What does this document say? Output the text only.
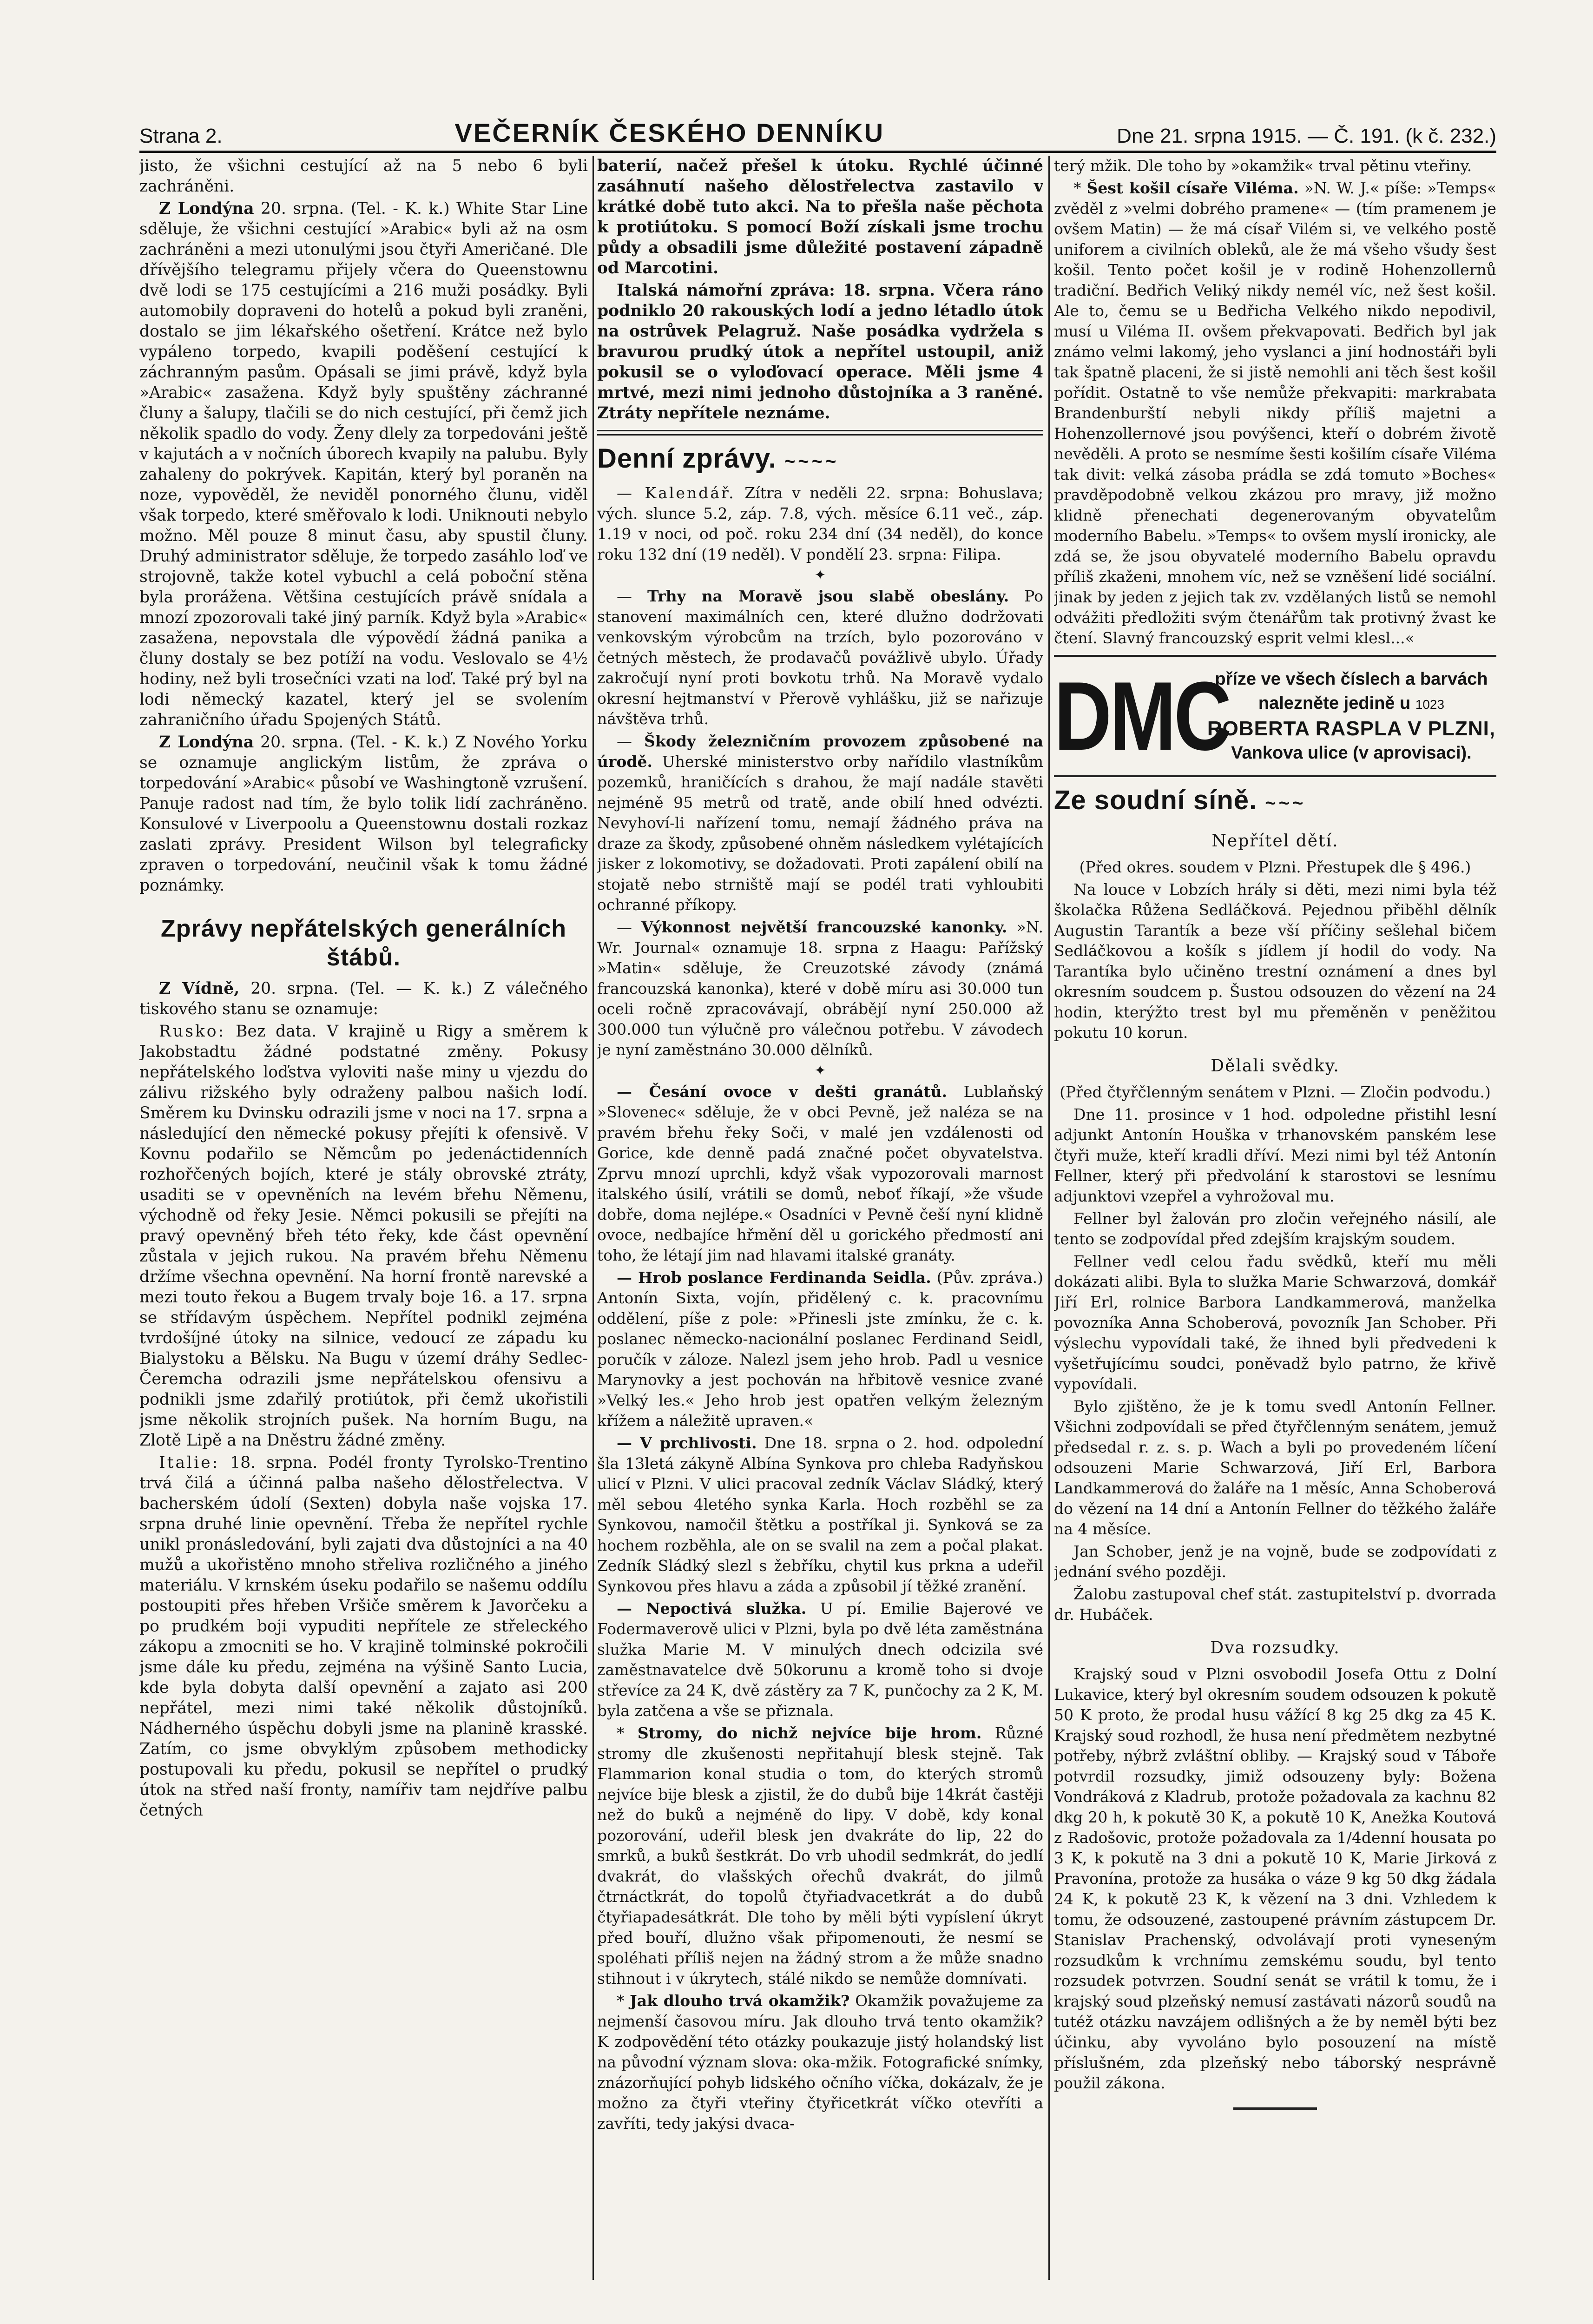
Strana 2.	VEČERNÍK ČESKÉHO DENNÍKU	Dne 21. srpna 1915. — Č. 191. (k č. 232.)

jisto, že všichni cestující až na 5 nebo 6 byli zachráněni.

Z Londýna 20. srpna. (Tel. - K. k.) White Star Line sděluje, že všichni cestující »Arabic« byli až na osm zachráněni a mezi utonulými jsou čtyři Američané. Dle dřívějšího telegramu přijely včera do Queenstownu dvě lodi se 175 cestujícími a 216 muži posádky. Byli automobily dopraveni do hotelů a pokud byli zraněni, dostalo se jim lékařského ošetření. Krátce než bylo vypáleno torpedo, kvapili poděšení cestující k záchranným pasům. Opásali se jimi právě, když byla »Arabic« zasažena. Když byly spuštěny záchranné čluny a šalupy, tlačili se do nich cestující, při čemž jich několik spadlo do vody. Ženy dlely za torpedováni ještě v kajutách a v nočních úborech kvapily na palubu. Byly zahaleny do pokrývek. Kapitán, který byl poraněn na noze, vypověděl, že neviděl ponorného člunu, viděl však torpedo, které směřovalo k lodi. Uniknouti nebylo možno. Měl pouze 8 minut času, aby spustil čluny. Druhý administrator sděluje, že torpedo zasáhlo loď ve strojovně, takže kotel vybuchl a celá poboční stěna byla prorážena. Většina cestujících právě snídala a mnozí zpozorovali také jiný parník. Když byla »Arabic« zasažena, nepovstala dle výpovědí žádná panika a čluny dostaly se bez potíží na vodu. Veslovalo se 4½ hodiny, než byli trosečníci vzati na loď. Také prý byl na lodi německý kazatel, který jel se svolením zahraničního úřadu Spojených Států.

Z Londýna 20. srpna. (Tel. - K. k.) Z Nového Yorku se oznamuje anglickým listům, že zpráva o torpedování »Arabic« působí ve Washingtoně vzrušení. Panuje radost nad tím, že bylo tolik lidí zachráněno. Konsulové v Liverpoolu a Queenstownu dostali rozkaz zaslati zprávy. President Wilson byl telegraficky zpraven o torpedování, neučinil však k tomu žádné poznámky.

Zprávy nepřátelských generálních štábů.

Z Vídně, 20. srpna. (Tel. — K. k.) Z válečného tiskového stanu se oznamuje:

Rusko: Bez data. V krajině u Rigy a směrem k Jakobstadtu žádné podstatné změny. Pokusy nepřátelského loďstva vyloviti naše miny u vjezdu do zálivu rižského byly odraženy palbou našich lodí. Směrem ku Dvinsku odrazili jsme v noci na 17. srpna a následující den německé pokusy přejíti k ofensivě. V Kovnu podařilo se Němcům po jedenáctidenních rozhořčených bojích, které je stály obrovské ztráty, usaditi se v opevněních na levém břehu Němenu, východně od řeky Jesie. Němci pokusili se přejíti na pravý opevněný břeh této řeky, kde část opevnění zůstala v jejich rukou. Na pravém břehu Němenu držíme všechna opevnění. Na horní frontě narevské a mezi touto řekou a Bugem trvaly boje 16. a 17. srpna se střídavým úspěchem. Nepřítel podnikl zejména tvrdošíjné útoky na silnice, vedoucí ze západu ku Bialystoku a Bělsku. Na Bugu v území dráhy Sedlec-Čeremcha odrazili jsme nepřátelskou ofensivu a podnikli jsme zdařilý protiútok, při čemž ukořistili jsme několik strojních pušek. Na horním Bugu, na Zlotě Lipě a na Dněstru žádné změny.

Italie: 18. srpna. Podél fronty Tyrolsko-Trentino trvá čilá a účinná palba našeho dělostřelectva. V bacherském údolí (Sexten) dobyla naše vojska 17. srpna druhé linie opevnění. Třeba že nepřítel rychle unikl pronásledování, byli zajati dva důstojníci a na 40 mužů a ukořistěno mnoho střeliva rozličného a jiného materiálu. V krnském úseku podařilo se našemu oddílu postoupiti přes hřeben Vršiče směrem k Javorčeku a po prudkém boji vypuditi nepřítele ze střeleckého zákopu a zmocniti se ho. V krajině tolminské pokročili jsme dále ku předu, zejména na výšině Santo Lucia, kde byla dobyta další opevnění a zajato asi 200 nepřátel, mezi nimi také několik důstojníků. Nádherného úspěchu dobyli jsme na planině krasské. Zatím, co jsme obvyklým způsobem methodicky postupovali ku předu, pokusil se nepřítel o prudký útok na střed naší fronty, namířiv tam nejdříve palbu četných

baterií, načež přešel k útoku. Rychlé účinné zasáhnutí našeho dělostřelectva zastavilo v krátké době tuto akci. Na to přešla naše pěchota k protiútoku. S pomocí Boží získali jsme trochu půdy a obsadili jsme důležité postavení západně od Marcotini.

Italská námořní zpráva: 18. srpna. Včera ráno podniklo 20 rakouských lodí a jedno létadlo útok na ostrůvek Pelagruž. Naše posádka vydržela s bravurou prudký útok a nepřítel ustoupil, aniž pokusil se o vyloďovací operace. Měli jsme 4 mrtvé, mezi nimi jednoho důstojníka a 3 raněné. Ztráty nepřítele neznáme.

Denní zprávy. ~~~~

— Kalendář. Zítra v neděli 22. srpna: Bohuslava; vých. slunce 5.2, záp. 7.8, vých. měsíce 6.11 več., záp. 1.19 v noci, od poč. roku 234 dní (34 neděl), do konce roku 132 dní (19 neděl). V pondělí 23. srpna: Filipa.

✦

— Trhy na Moravě jsou slabě obeslány. Po stanovení maximálních cen, které dlužno dodržovati venkovským výrobcům na trzích, bylo pozorováno v četných městech, že prodavačů povážlivě ubylo. Úřady zakročují nyní proti bovkotu trhů. Na Moravě vydalo okresní hejtmanství v Přerově vyhlášku, již se nařizuje návštěva trhů.

— Škody železničním provozem způsobené na úrodě. Uherské ministerstvo orby nařídilo vlastníkům pozemků, hraničících s drahou, že mají nadále stavěti nejméně 95 metrů od tratě, ande obilí hned odvézti. Nevyhoví-li nařízení tomu, nemají žádného práva na draze za škody, způsobené ohněm následkem vylétajících jisker z lokomotivy, se dožadovati. Proti zapálení obilí na stojatě nebo strniště mají se podél trati vyhloubiti ochranné příkopy.

— Výkonnost největší francouzské kanonky. »N. Wr. Journal« oznamuje 18. srpna z Haagu: Pařížský »Matin« sděluje, že Creuzotské závody (známá francouzská kanonka), které v době míru asi 30.000 tun oceli ročně zpracovávají, obrábějí nyní 250.000 až 300.000 tun výlučně pro válečnou potřebu. V závodech je nyní zaměstnáno 30.000 dělníků.

✦

— Česání ovoce v dešti granátů. Lublaňský »Slovenec« sděluje, že v obci Pevně, jež naléza se na pravém břehu řeky Soči, v malé jen vzdálenosti od Gorice, kde denně padá značné počet obyvatelstva. Zprvu mnozí uprchli, když však vypozorovali marnost italského úsilí, vrátili se domů, neboť říkají, »že všude dobře, doma nejlépe.« Osadníci v Pevně češí nyní klidně ovoce, nedbajíce hřmění děl u gorického předmostí ani toho, že létají jim nad hlavami italské granáty.

— Hrob poslance Ferdinanda Seidla. (Pův. zpráva.) Antonín Sixta, vojín, přidělený c. k. pracovnímu oddělení, píše z pole: »Přinesli jste zmínku, že c. k. poslanec německo-nacionální poslanec Ferdinand Seidl, poručík v záloze. Nalezl jsem jeho hrob. Padl u vesnice Marynovky a jest pochován na hřbitově vesnice zvané »Velký les.« Jeho hrob jest opatřen velkým železným křížem a náležitě upraven.«

— V prchlivosti. Dne 18. srpna o 2. hod. odpolední šla 13letá zákyně Albína Synkova pro chleba Radyňskou ulicí v Plzni. V ulici pracoval zedník Václav Sládký, který měl sebou 4letého synka Karla. Hoch rozběhl se za Synkovou, namočil štětku a postříkal ji. Synková se za hochem rozběhla, ale on se svalil na zem a počal plakat. Zedník Sládký slezl s žebříku, chytil kus prkna a udeřil Synkovou přes hlavu a záda a způsobil jí těžké zranění.

— Nepoctivá služka. U pí. Emilie Bajerové ve Fodermaverově ulici v Plzni, byla po dvě léta zaměstnána služka Marie M. V minulých dnech odcizila své zaměstnavatelce dvě 50korunu a kromě toho si dvoje střevíce za 24 K, dvě zástěry za 7 K, punčochy za 2 K, M. byla zatčena a vše se přiznala.

* Stromy, do nichž nejvíce bije hrom. Různé stromy dle zkušenosti nepřitahují blesk stejně. Tak Flammarion konal studia o tom, do kterých stromů nejvíce bije blesk a zjistil, že do dubů bije 14krát častěji než do buků a nejméně do lipy. V době, kdy konal pozorování, udeřil blesk jen dvakráte do lip, 22 do smrků, a buků šestkrát. Do vrb uhodil sedmkrát, do jedlí dvakrát, do vlašských ořechů dvakrát, do jilmů čtrnáctkrát, do topolů čtyřiadvacetkrát a do dubů čtyřiapadesátkrát. Dle toho by měli býti vypíslení úkryt před bouří, dlužno však připomenouti, že nesmí se spoléhati příliš nejen na žádný strom a že může snadno stihnout i v úkrytech, stálé nikdo se nemůže domnívati.

* Jak dlouho trvá okamžik? Okamžik považujeme za nejmenší časovou míru. Jak dlouho trvá tento okamžik? K zodpovědění této otázky poukazuje jistý holandský list na původní význam slova: oka-mžik. Fotografické snímky, znázorňující pohyb lidského očního víčka, dokázalv, že je možno za čtyři vteřiny čtyřicetkrát víčko otevříti a zavříti, tedy jakýsi dvaca-

terý mžik. Dle toho by »okamžik« trval pětinu vteřiny.

* Šest košil císaře Viléma. »N. W. J.« píše: »Temps« zvěděl z »velmi dobrého pramene« — (tím pramenem je ovšem Matin) — že má císař Vilém si, ve velkého postě uniforem a civilních obleků, ale že má všeho všudy šest košil. Tento počet košil je v rodině Hohenzollernů tradiční. Bedřich Veliký nikdy nemél víc, než šest košil. Ale to, čemu se u Bedřicha Velkého nikdo nepodivil, musí u Viléma II. ovšem překvapovati. Bedřich byl jak známo velmi lakomý, jeho vyslanci a jiní hodnostáři byli tak špatně placeni, že si jistě nemohli ani těch šest košil pořídit. Ostatně to vše nemůže překvapiti: markrabata Brandenburští nebyli nikdy příliš majetni a Hohenzollernové jsou povýšenci, kteří o dobrém životě nevěděli. A proto se nesmíme šesti košilím císaře Viléma tak divit: velká zásoba prádla se zdá tomuto »Boches« pravděpodobně velkou zkázou pro mravy, již možno klidně přenechati degenerovaným obyvatelům moderního Babelu. »Temps« to ovšem myslí ironicky, ale zdá se, že jsou obyvatelé moderního Babelu opravdu příliš zkaženi, mnohem víc, než se vzněšení lidé sociální. jinak by jeden z jejich tak zv. vzdělaných listů se nemohl odvážiti předložiti svým čtenářům tak protivný žvast ke čtení. Slavný francouzský esprit velmi klesl...«

DMC
příze ve všech číslech a barvách
nalezněte jedině u 1023
ROBERTA RASPLA V PLZNI,
Vankova ulice (v aprovisaci).
Ze soudní síně. ~~~
Nepřítel dětí.

(Před okres. soudem v Plzni. Přestupek dle § 496.)

Na louce v Lobzích hrály si děti, mezi nimi byla též školačka Růžena Sedláčková. Pejednou přiběhl dělník Augustin Tarantík a beze vší příčiny sešlehal bičem Sedláčkovou a košík s jídlem jí hodil do vody. Na Tarantíka bylo učiněno trestní oznámení a dnes byl okresním soudcem p. Šustou odsouzen do vězení na 24 hodin, kterýžto trest byl mu přeměněn v peněžitou pokutu 10 korun.

Dělali svědky.

(Před čtyřčlenným senátem v Plzni. — Zločin podvodu.)

Dne 11. prosince v 1 hod. odpoledne přistihl lesní adjunkt Antonín Houška v trhanovském panském lese čtyři muže, kteří kradli dříví. Mezi nimi byl též Antonín Fellner, který při předvolání k starostovi se lesnímu adjunktovi vzepřel a vyhrožoval mu.

Fellner byl žalován pro zločin veřejného násilí, ale tento se zodpovídal před zdejším krajským soudem.

Fellner vedl celou řadu svědků, kteří mu měli dokázati alibi. Byla to služka Marie Schwarzová, domkář Jiří Erl, rolnice Barbora Landkammerová, manželka povozníka Anna Schoberová, povozník Jan Schober. Při výslechu vypovídali také, že ihned byli předvedeni k vyšetřujícímu soudci, poněvadž bylo patrno, že křivě vypovídali.

Bylo zjištěno, že je k tomu svedl Antonín Fellner. Všichni zodpovídali se před čtyřčlenným senátem, jemuž předsedal r. z. s. p. Wach a byli po provedeném líčení odsouzeni Marie Schwarzová, Jiří Erl, Barbora Landkammerová do žaláře na 1 měsíc, Anna Schoberová do vězení na 14 dní a Antonín Fellner do těžkého žaláře na 4 měsíce.

Jan Schober, jenž je na vojně, bude se zodpovídati z jednání svého později.

Žalobu zastupoval chef stát. zastupitelství p. dvorrada dr. Hubáček.

Dva rozsudky.

Krajský soud v Plzni osvobodil Josefa Ottu z Dolní Lukavice, který byl okresním soudem odsouzen k pokutě 50 K proto, že prodal husu vážící 8 kg 25 dkg za 45 K. Krajský soud rozhodl, že husa není předmětem nezbytné potřeby, nýbrž zvláštní obliby. — Krajský soud v Táboře potvrdil rozsudky, jimiž odsouzeny byly: Božena Vondráková z Kladrub, protože požadovala za kachnu 82 dkg 20 h, k pokutě 30 K, a pokutě 10 K, Anežka Koutová z Radošovic, protože požadovala za 1/4denní housata po 3 K, k pokutě na 3 dni a pokutě 10 K, Marie Jirková z Pravonína, protože za husáka o váze 9 kg 50 dkg žádala 24 K, k pokutě 23 K, k vězení na 3 dni. Vzhledem k tomu, že odsouzené, zastoupené právním zástupcem Dr. Stanislav Prachenský, odvolávají proti vyneseným rozsudkům k vrchnímu zemskému soudu, byl tento rozsudek potvrzen. Soudní senát se vrátil k tomu, že i krajský soud plzeňský nemusí zastávati názorů soudů na tutéž otázku navzájem odlišných a že by neměl býti bez účinku, aby vyvoláno bylo posouzení na místě příslušném, zda plzeňský nebo táborský nesprávně použil zákona.
